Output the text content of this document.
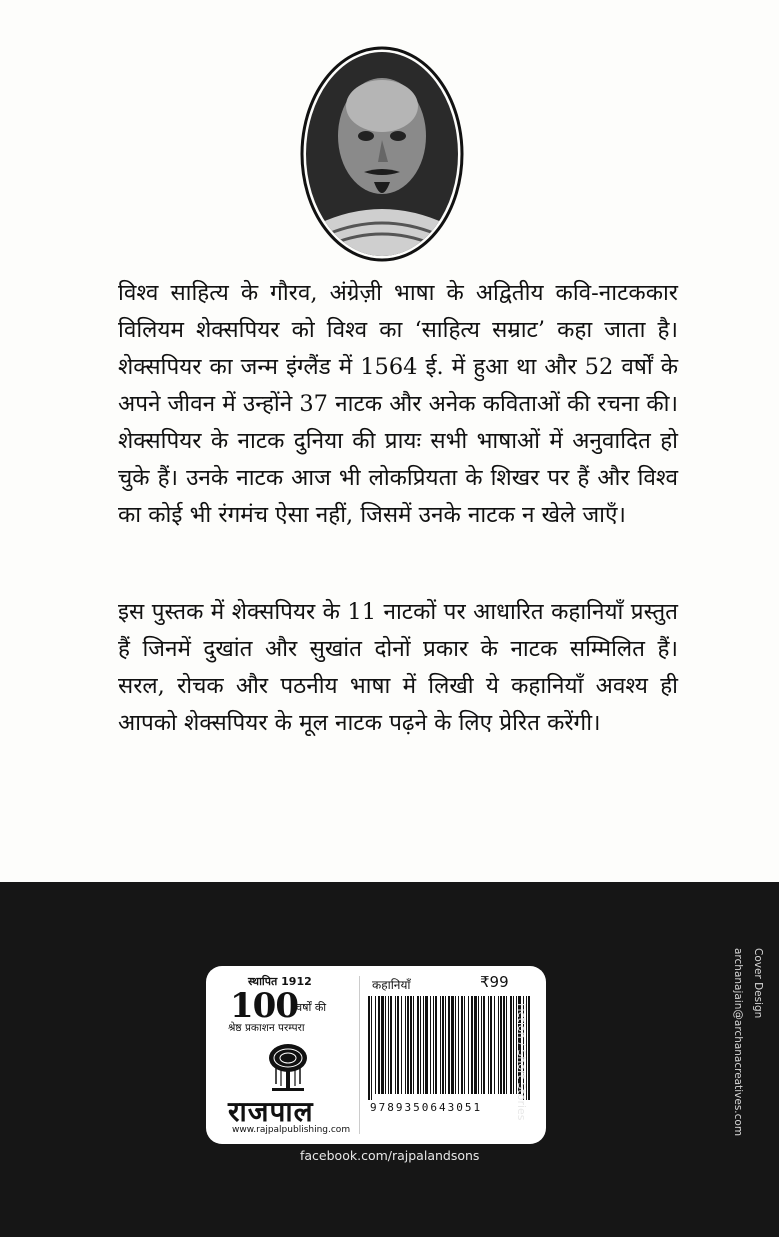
विश्व साहित्य के गौरव, अंग्रेज़ी भाषा के अद्वितीय कवि-नाटककार विलियम शेक्सपियर को विश्व का ‘साहित्य सम्राट’ कहा जाता है। शेक्सपियर का जन्म इंग्लैंड में 1564 ई. में हुआ था और 52 वर्षों के अपने जीवन में उन्होंने 37 नाटक और अनेक कविताओं की रचना की। शेक्सपियर के नाटक दुनिया की प्रायः सभी भाषाओं में अनुवादित हो चुके हैं। उनके नाटक आज भी लोकप्रियता के शिखर पर हैं और विश्व का कोई भी रंगमंच ऐसा नहीं, जिसमें उनके नाटक न खेले जाएँ।
इस पुस्तक में शेक्सपियर के 11 नाटकों पर आधारित कहानियाँ प्रस्तुत हैं जिनमें दुखांत और सुखांत दोनों प्रकार के नाटक सम्मिलित हैं। सरल, रोचक और पठनीय भाषा में लिखी ये कहानियाँ अवश्य ही आपको शेक्सपियर के मूल नाटक पढ़ने के लिए प्रेरित करेंगी।
स्थापित 1912
100
वर्षों की
श्रेष्ठ प्रकाशन परम्परा
राजपाल
www.rajpalpublishing.com
कहानियाँ	₹99
9789350643051	Fiction / Short Stories
facebook.com/rajpalandsons
Cover Design
archanajain@archanacreatives.com
